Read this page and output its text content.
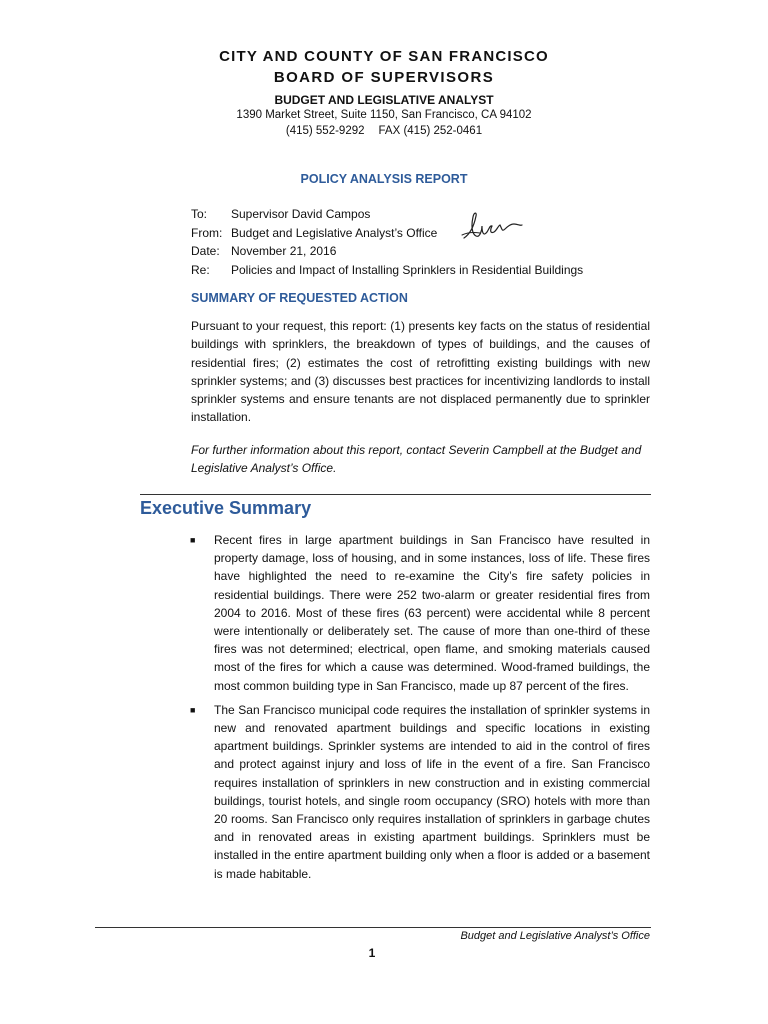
CITY AND COUNTY OF SAN FRANCISCO
BOARD OF SUPERVISORS
BUDGET AND LEGISLATIVE ANALYST
1390 Market Street, Suite 1150, San Francisco, CA 94102
(415) 552-9292 FAX (415) 252-0461
POLICY ANALYSIS REPORT
To:	Supervisor David Campos
From: Budget and Legislative Analyst’s Office
Date: November 21, 2016
Re:	Policies and Impact of Installing Sprinklers in Residential Buildings
SUMMARY OF REQUESTED ACTION
Pursuant to your request, this report: (1) presents key facts on the status of residential buildings with sprinklers, the breakdown of types of buildings, and the causes of residential fires; (2) estimates the cost of retrofitting existing buildings with new sprinkler systems; and (3) discusses best practices for incentivizing landlords to install sprinkler systems and ensure tenants are not displaced permanently due to sprinkler installation.
For further information about this report, contact Severin Campbell at the Budget and Legislative Analyst’s Office.
Executive Summary
■	Recent fires in large apartment buildings in San Francisco have resulted in property damage, loss of housing, and in some instances, loss of life. These fires have highlighted the need to re-examine the City’s fire safety policies in residential buildings. There were 252 two-alarm or greater residential fires from 2004 to 2016. Most of these fires (63 percent) were accidental while 8 percent were intentionally or deliberately set. The cause of more than one-third of these fires was not determined; electrical, open flame, and smoking materials caused most of the fires for which a cause was determined. Wood-framed buildings, the most common building type in San Francisco, made up 87 percent of the fires.
■	The San Francisco municipal code requires the installation of sprinkler systems in new and renovated apartment buildings and specific locations in existing apartment buildings. Sprinkler systems are intended to aid in the control of fires and protect against injury and loss of life in the event of a fire. San Francisco requires installation of sprinklers in new construction and in existing commercial buildings, tourist hotels, and single room occupancy (SRO) hotels with more than 20 rooms. San Francisco only requires installation of sprinklers in garbage chutes and in renovated areas in existing apartment buildings. Sprinklers must be installed in the entire apartment building only when a floor is added or a basement is made habitable.
Budget and Legislative Analyst’s Office
1
